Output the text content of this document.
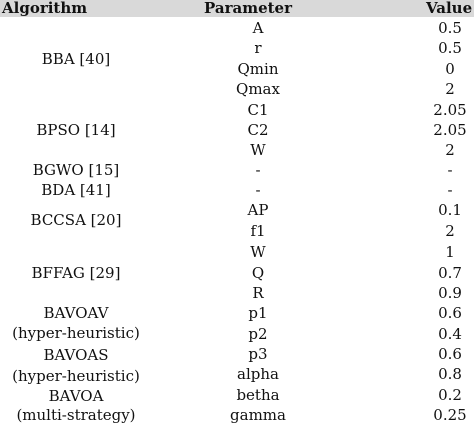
Algorithm	Parameter	Value
BBA [40]
BPSO [14]
BGWO [15]
BDA [41]
BCCSA [20]
BFFAG [29]
BAVOAV
(hyper-heuristic)
BAVOAS
(hyper-heuristic)
BAVOA
(multi-strategy)
A
r
Qmin
Qmax
C1
C2
W
-
-
AP
f1
W
Q
R
p1
p2
p3
alpha
betha
gamma
0.5
0.5
0
2
2.05
2.05
2
-
-
0.1
2
1
0.7
0.9
0.6
0.4
0.6
0.8
0.2
0.25
